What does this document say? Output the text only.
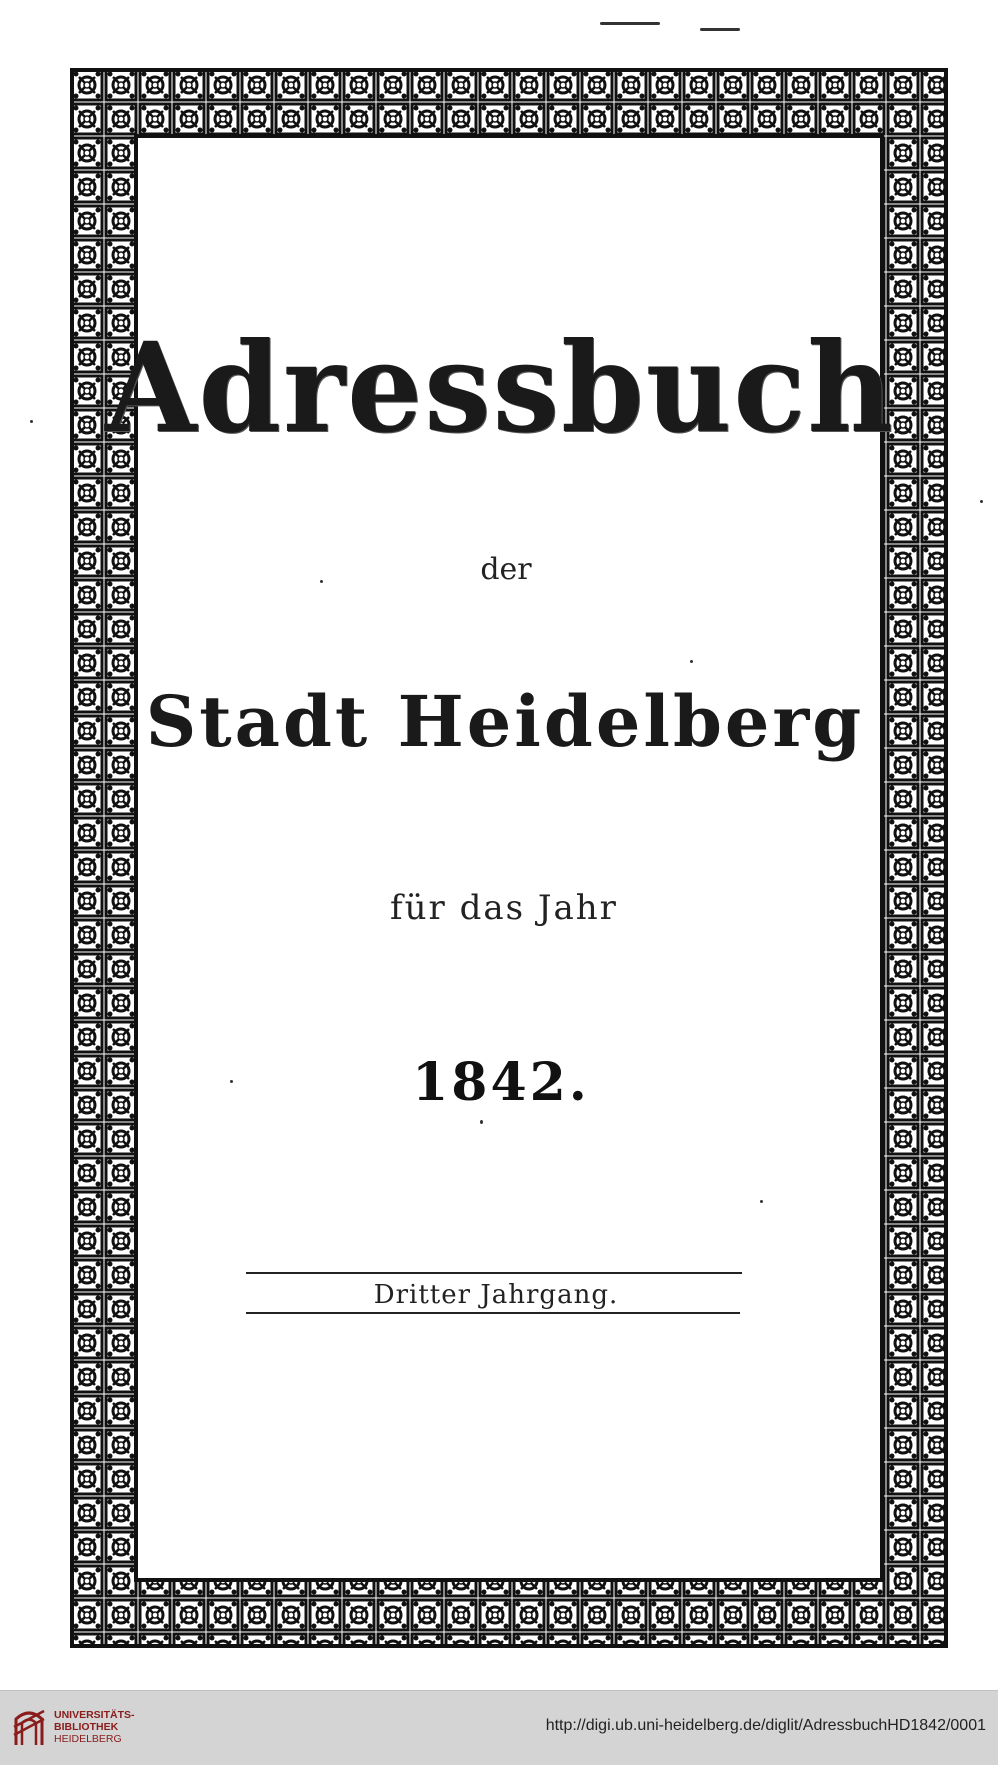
Adressbuch
der
Stadt Heidelberg
für das Jahr
1842.
Dritter Jahrgang.
UNIVERSITÄTS-
BIBLIOTHEK
HEIDELBERG
http://digi.ub.uni-heidelberg.de/diglit/AdressbuchHD1842/0001
